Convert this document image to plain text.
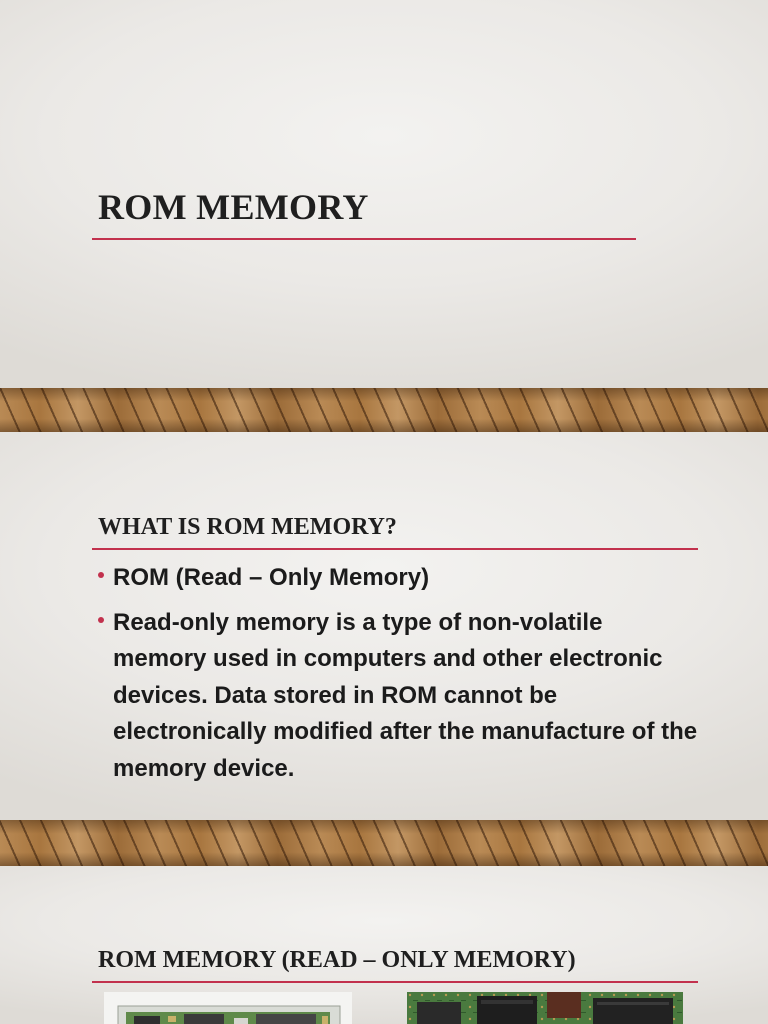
ROM MEMORY
WHAT IS ROM MEMORY?
ROM (Read – Only Memory)
Read-only memory is a type of non-volatile memory used in computers and other electronic devices. Data stored in ROM cannot be electronically modified after the manufacture of the memory device.
ROM MEMORY (READ – ONLY MEMORY)
